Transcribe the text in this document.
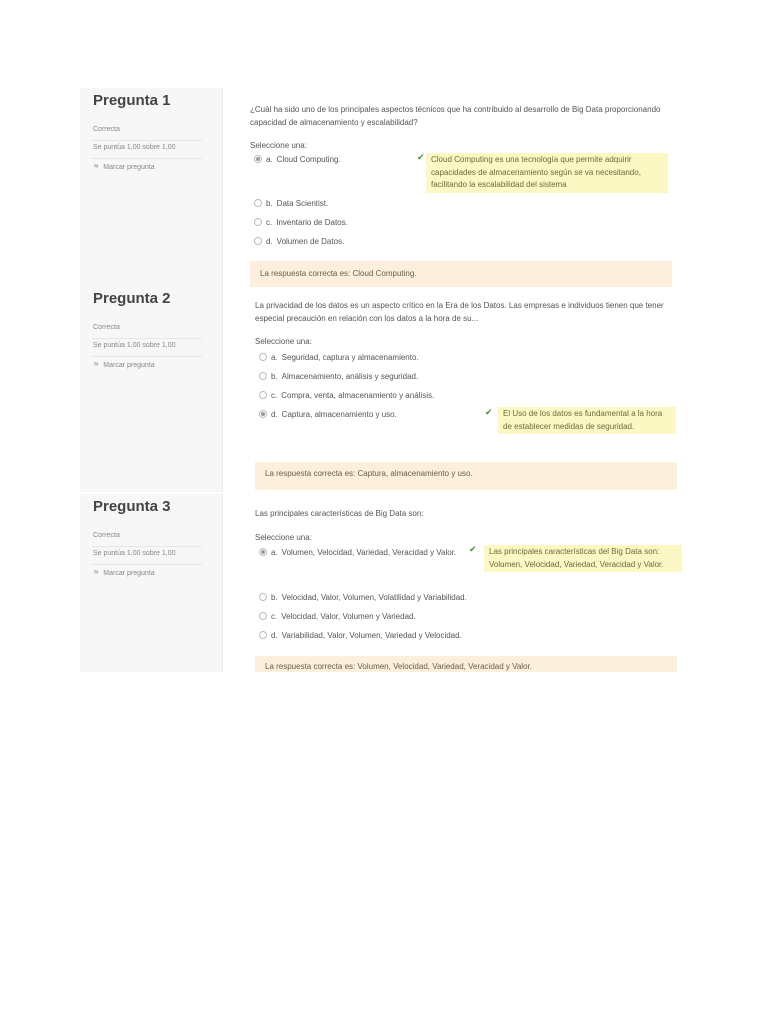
Pregunta 1
Correcta
Se puntúa 1,00 sobre 1,00
⚑ Marcar pregunta
¿Cuál ha sido uno de los principales aspectos técnicos que ha contribuido al desarrollo de Big Data proporcionando capacidad de almacenamiento y escalabilidad?
Seleccione una:
a. Cloud Computing.	✔ Cloud Computing es una tecnología que permite adquirir capacidades de almacenamiento según se va necesitando, facilitando la escalabilidad del sistema
b. Data Scientist.
c. Inventario de Datos.
d. Volumen de Datos.
La respuesta correcta es: Cloud Computing.
Pregunta 2
Correcta
Se puntúa 1,00 sobre 1,00
⚑ Marcar pregunta
La privacidad de los datos es un aspecto crítico en la Era de los Datos. Las empresas e individuos tienen que tener especial precaución en relación con los datos a la hora de su...
Seleccione una:
a. Seguridad, captura y almacenamiento.
b. Almacenamiento, análisis y seguridad.
c. Compra, venta, almacenamiento y análisis.
d. Captura, almacenamiento y uso.	✔	El Uso de los datos es fundamental a la hora de establecer medidas de seguridad.
La respuesta correcta es: Captura, almacenamiento y uso.
Pregunta 3
Correcta
Se puntúa 1,00 sobre 1,00
⚑ Marcar pregunta
Las principales características de Big Data son:
Seleccione una:
a. Volumen, Velocidad, Variedad, Veracidad y Valor.	✔	Las principales características del Big Data son: Volumen, Velocidad, Variedad, Veracidad y Valor.
b. Velocidad, Valor, Volumen, Volatilidad y Variabilidad.
c. Velocidad, Valor, Volumen y Variedad.
d. Variabilidad, Valor, Volumen, Variedad y Velocidad.
La respuesta correcta es: Volumen, Velocidad, Variedad, Veracidad y Valor.
